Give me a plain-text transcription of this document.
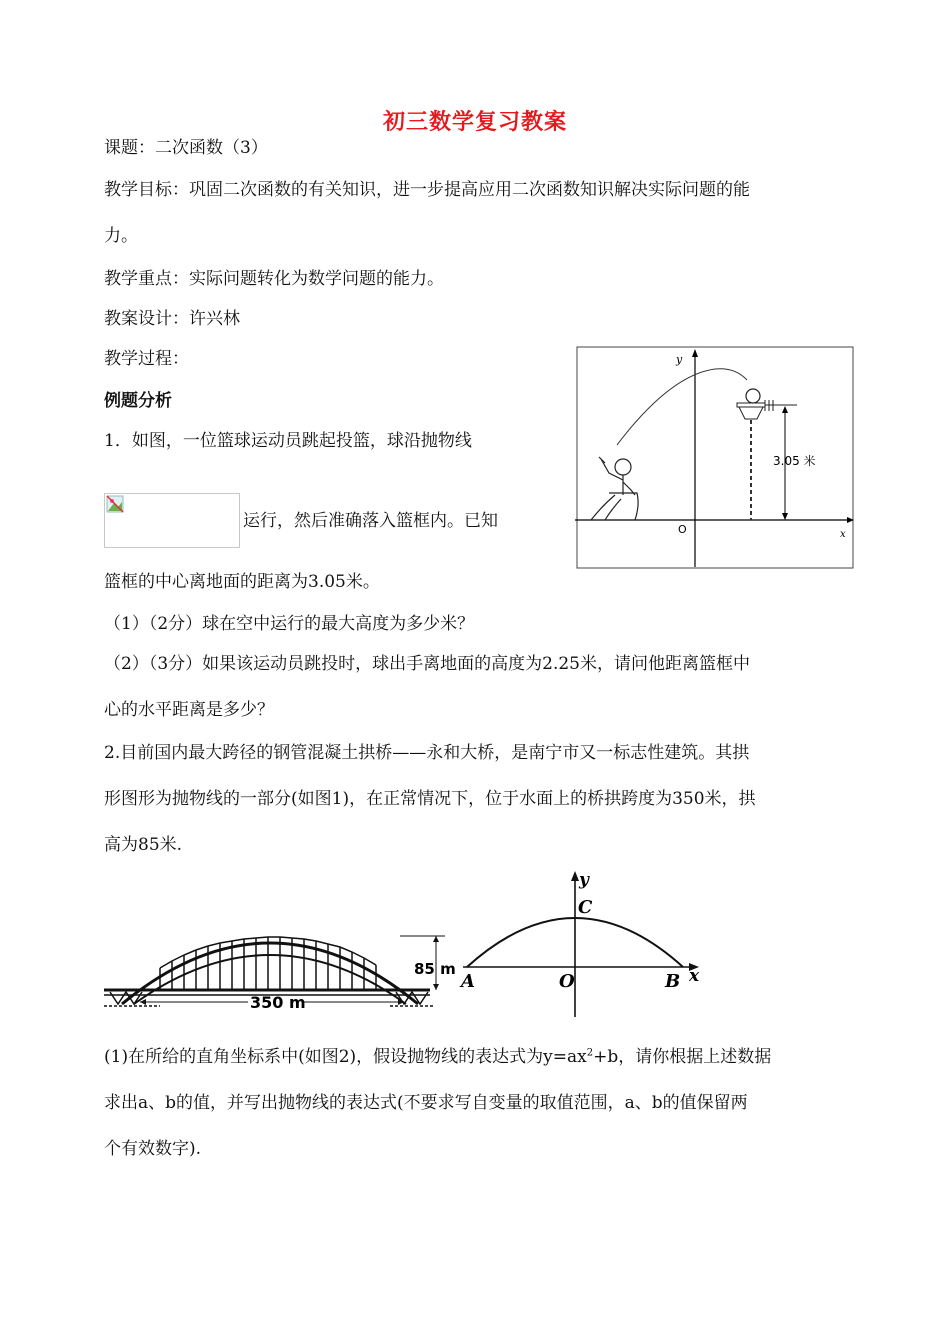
初三数学复习教案
课题：二次函数（3）
教学目标：巩固二次函数的有关知识，进一步提高应用二次函数知识解决实际问题的能
力。
教学重点：实际问题转化为数学问题的能力。
教案设计：许兴林
教学过程：
例题分析
1．如图，一位篮球运动员跳起投篮，球沿抛物线
运行，然后准确落入篮框内。已知
y
x
O
3.05 米
篮框的中心离地面的距离为3.05米。
（1）（2分）球在空中运行的最大高度为多少米？
（2）（3分）如果该运动员跳投时，球出手离地面的高度为2.25米，请问他距离篮框中
心的水平距离是多少？
2.目前国内最大跨径的钢管混凝土拱桥——永和大桥，是南宁市又一标志性建筑。其拱
形图形为抛物线的一部分(如图1)，在正常情况下，位于水面上的桥拱跨度为350米，拱
高为85米.
85 m
350 m
y
x
C
A	O	B
(1)在所给的直角坐标系中(如图2)，假设抛物线的表达式为$y=ax^2+b$，请你根据上述数据
求出a、b的值，并写出抛物线的表达式(不要求写自变量的取值范围，a、b的值保留两
个有效数字).
